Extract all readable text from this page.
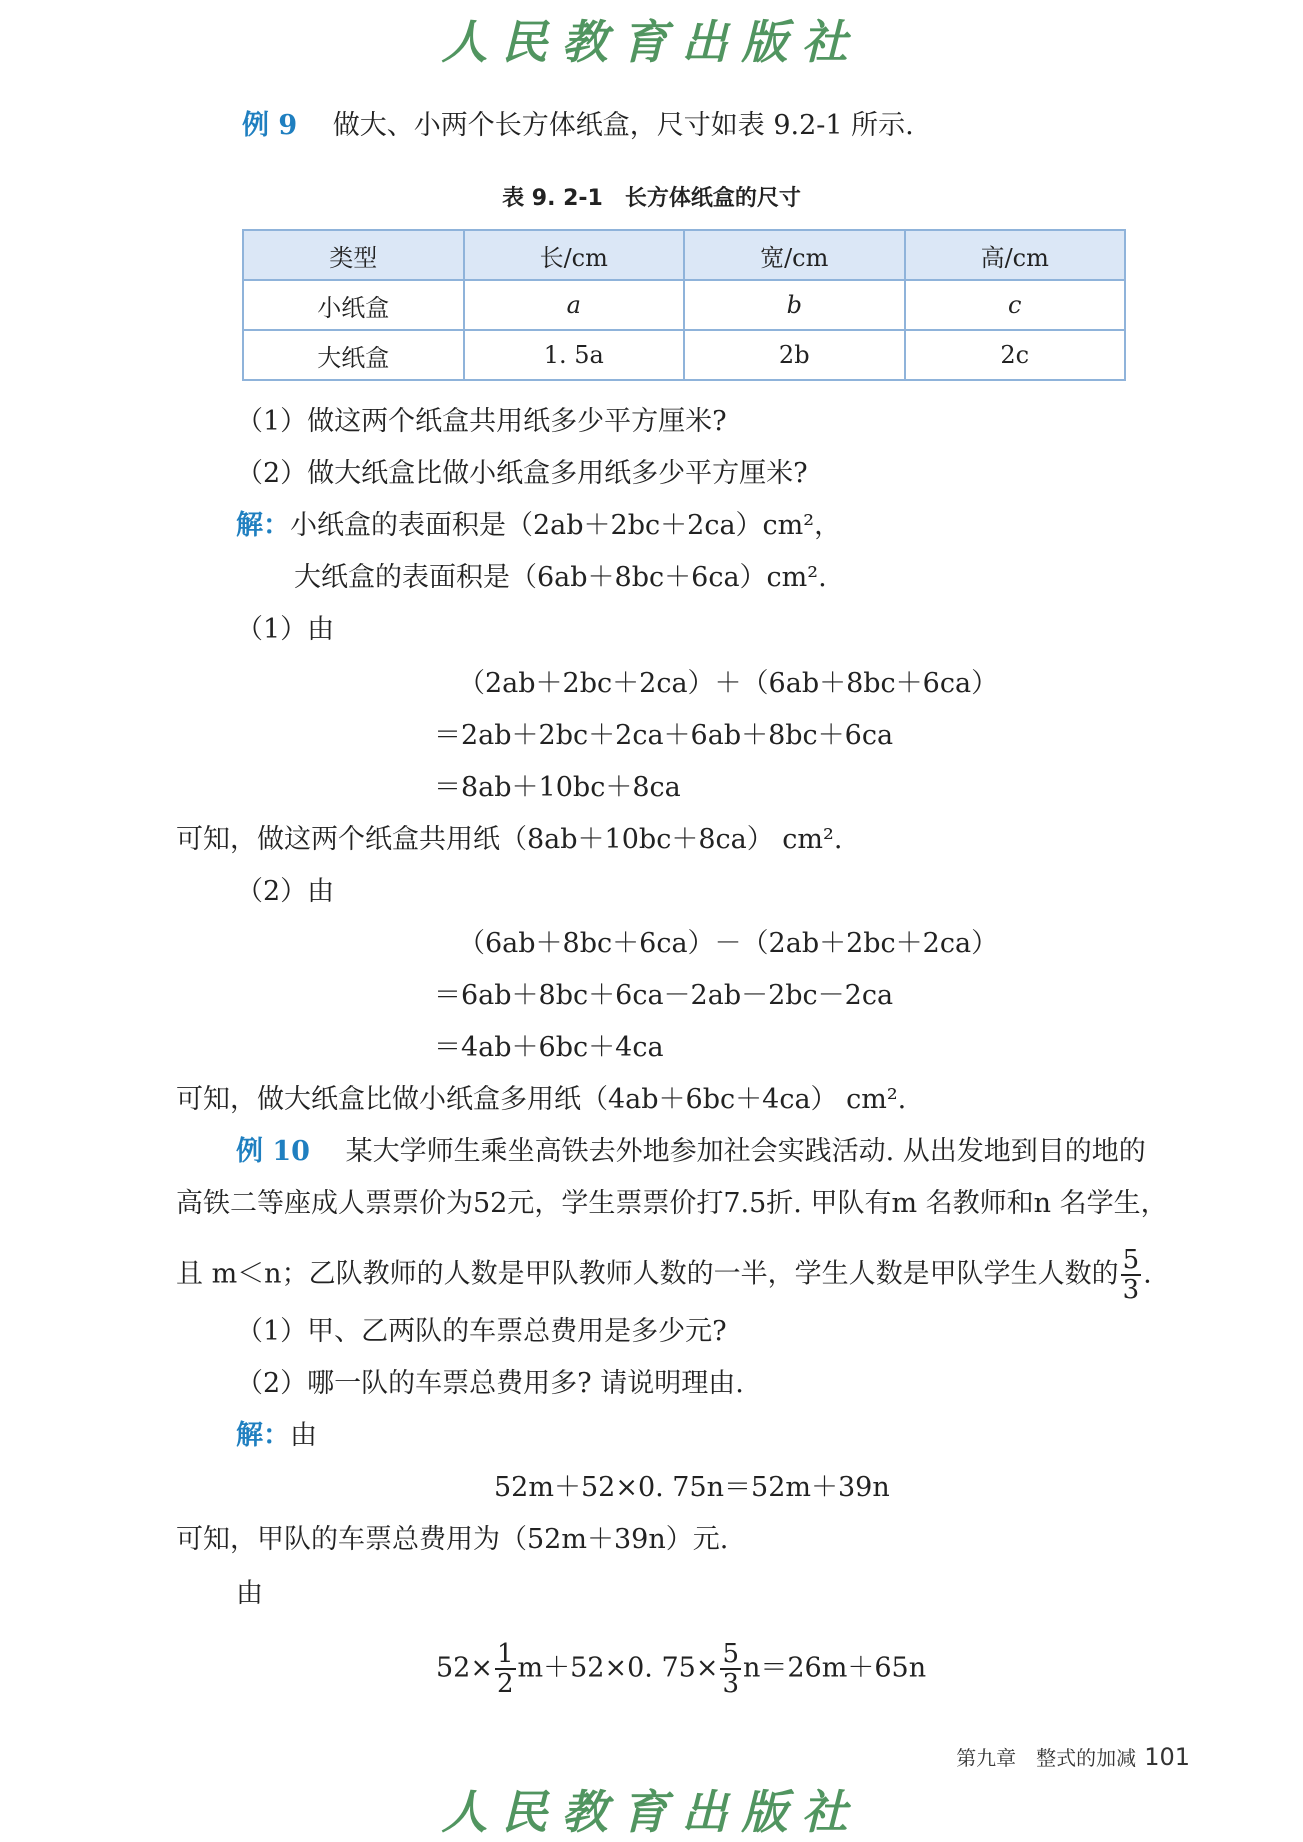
人民教育出版社
例 9　 做大、小两个长方体纸盒，尺寸如表 9.2-1 所示.
表 9. 2-1　长方体纸盒的尺寸
类型	长/cm	宽/cm	高/cm
小纸盒	a	b	c
大纸盒	1. 5a	2b	2c
（1）做这两个纸盒共用纸多少平方厘米?
（2）做大纸盒比做小纸盒多用纸多少平方厘米?
解：小纸盒的表面积是（2ab＋2bc＋2ca）cm²，
大纸盒的表面积是（6ab＋8bc＋6ca）cm².
（1）由
（2ab＋2bc＋2ca）＋（6ab＋8bc＋6ca）
＝2ab＋2bc＋2ca＋6ab＋8bc＋6ca
＝8ab＋10bc＋8ca
可知，做这两个纸盒共用纸（8ab＋10bc＋8ca） cm².
（2）由
（6ab＋8bc＋6ca）－（2ab＋2bc＋2ca）
＝6ab＋8bc＋6ca－2ab－2bc－2ca
＝4ab＋6bc＋4ca
可知，做大纸盒比做小纸盒多用纸（4ab＋6bc＋4ca） cm².
例 10　 某大学师生乘坐高铁去外地参加社会实践活动. 从出发地到目的地的
高铁二等座成人票票价为52元，学生票票价打7.5折. 甲队有m 名教师和n 名学生，
且 m＜n；乙队教师的人数是甲队教师人数的一半，学生人数是甲队学生人数的 $\frac{5}{3}$ .
（1）甲、乙两队的车票总费用是多少元?
（2）哪一队的车票总费用多? 请说明理由.
解：由
52m＋52×0. 75n＝52m＋39n
可知，甲队的车票总费用为（52m＋39n）元.
由
$52\times \frac{1}{2} m+52\times 0$. $75\times \frac{5}{3} n=26m+65n$
第九章　整式的加减 101
人民教育出版社
